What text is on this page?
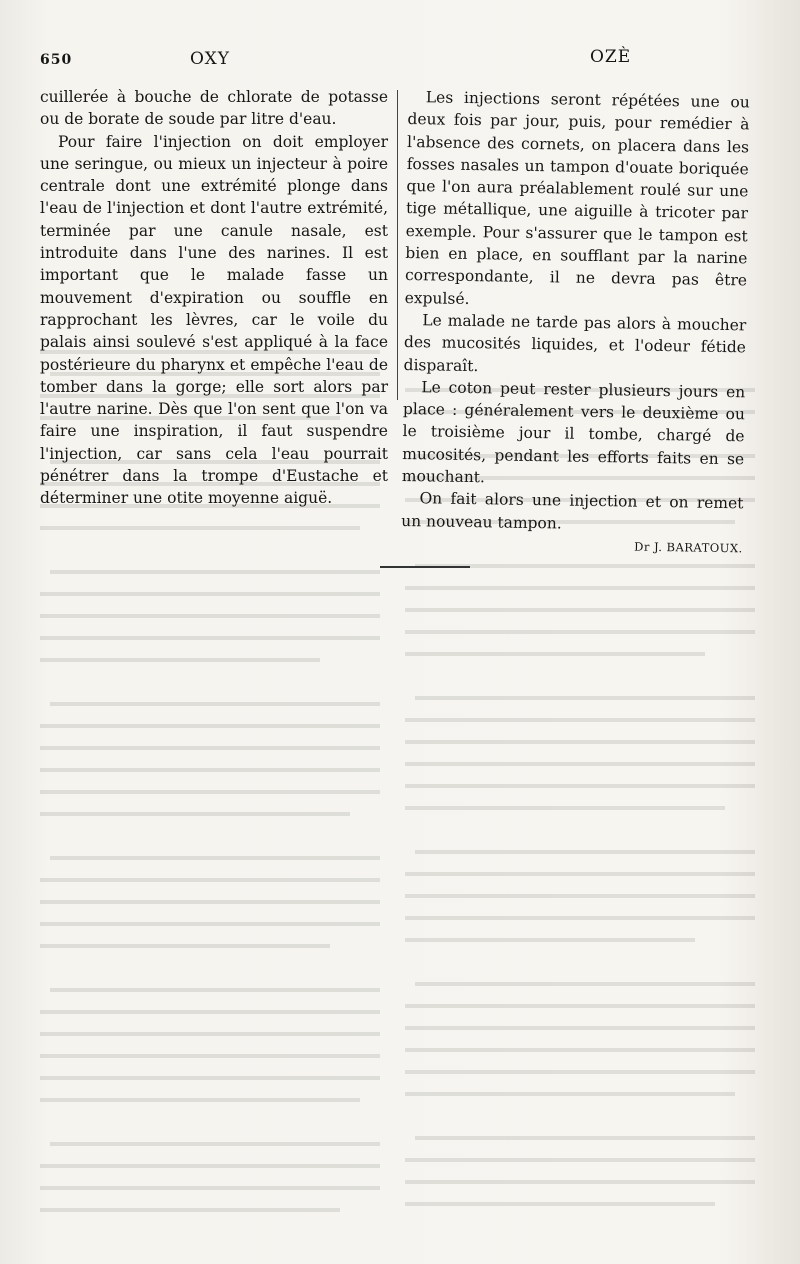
650	OXY	OZÈ

cuillerée à bouche de chlorate de potasse ou de borate de soude par litre d'eau.

Pour faire l'injection on doit employer une seringue, ou mieux un injecteur à poire centrale dont une extrémité plonge dans l'eau de l'injection et dont l'autre extrémité, terminée par une canule nasale, est introduite dans l'une des narines. Il est important que le malade fasse un mouvement d'expiration ou souffle en rapprochant les lèvres, car le voile du palais ainsi soulevé s'est appliqué à la face postérieure du pharynx et empêche l'eau de tomber dans la gorge; elle sort alors par l'autre narine. Dès que l'on sent que l'on va faire une inspiration, il faut suspendre l'injection, car sans cela l'eau pourrait pénétrer dans la trompe d'Eustache et déterminer une otite moyenne aiguë.

Les injections seront répétées une ou deux fois par jour, puis, pour remédier à l'absence des cornets, on placera dans les fosses nasales un tampon d'ouate boriquée que l'on aura préalablement roulé sur une tige métallique, une aiguille à tricoter par exemple. Pour s'assurer que le tampon est bien en place, en soufflant par la narine correspondante, il ne devra pas être expulsé.

Le malade ne tarde pas alors à moucher des mucosités liquides, et l'odeur fétide disparaît.

Le coton peut rester plusieurs jours en place : généralement vers le deuxième ou le troisième jour il tombe, chargé de mucosités, pendant les efforts faits en se mouchant.

On fait alors une injection et on remet un nouveau tampon.

Dr J. BARATOUX.
